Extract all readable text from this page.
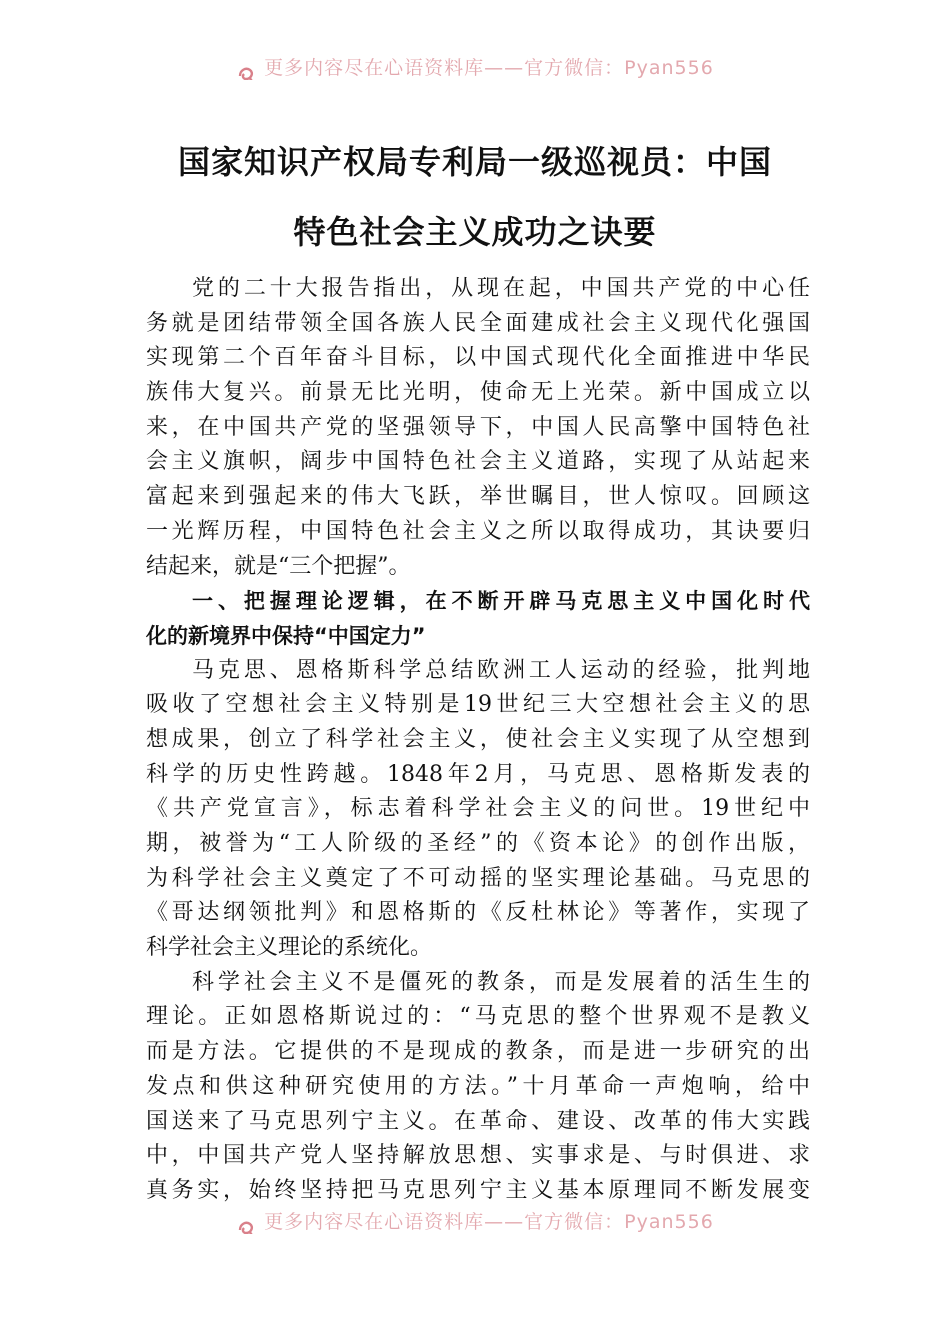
更多内容尽在心语资料库——官方微信：Pyan556
国家知识产权局专利局一级巡视员：中国
特色社会主义成功之诀要
党的二十大报告指出，从现在起，中国共产党的中心任
务就是团结带领全国各族人民全面建成社会主义现代化强国
实现第二个百年奋斗目标，以中国式现代化全面推进中华民
族伟大复兴。前景无比光明，使命无上光荣。新中国成立以
来，在中国共产党的坚强领导下，中国人民高擎中国特色社
会主义旗帜，阔步中国特色社会主义道路，实现了从站起来
富起来到强起来的伟大飞跃，举世瞩目，世人惊叹。回顾这
一光辉历程，中国特色社会主义之所以取得成功，其诀要归
结起来，就是“三个把握”。
一、把握理论逻辑，在不断开辟马克思主义中国化时代
化的新境界中保持“中国定力”
马克思、恩格斯科学总结欧洲工人运动的经验，批判地
吸收了空想社会主义特别是19世纪三大空想社会主义的思
想成果，创立了科学社会主义，使社会主义实现了从空想到
科学的历史性跨越。1848年2月，马克思、恩格斯发表的
《共产党宣言》，标志着科学社会主义的问世。19世纪中
期，被誉为“工人阶级的圣经”的《资本论》的创作出版，
为科学社会主义奠定了不可动摇的坚实理论基础。马克思的
《哥达纲领批判》和恩格斯的《反杜林论》等著作，实现了
科学社会主义理论的系统化。
科学社会主义不是僵死的教条，而是发展着的活生生的
理论。正如恩格斯说过的：“马克思的整个世界观不是教义
而是方法。它提供的不是现成的教条，而是进一步研究的出
发点和供这种研究使用的方法。”十月革命一声炮响，给中
国送来了马克思列宁主义。在革命、建设、改革的伟大实践
中，中国共产党人坚持解放思想、实事求是、与时俱进、求
真务实，始终坚持把马克思列宁主义基本原理同不断发展变
更多内容尽在心语资料库——官方微信：Pyan556
